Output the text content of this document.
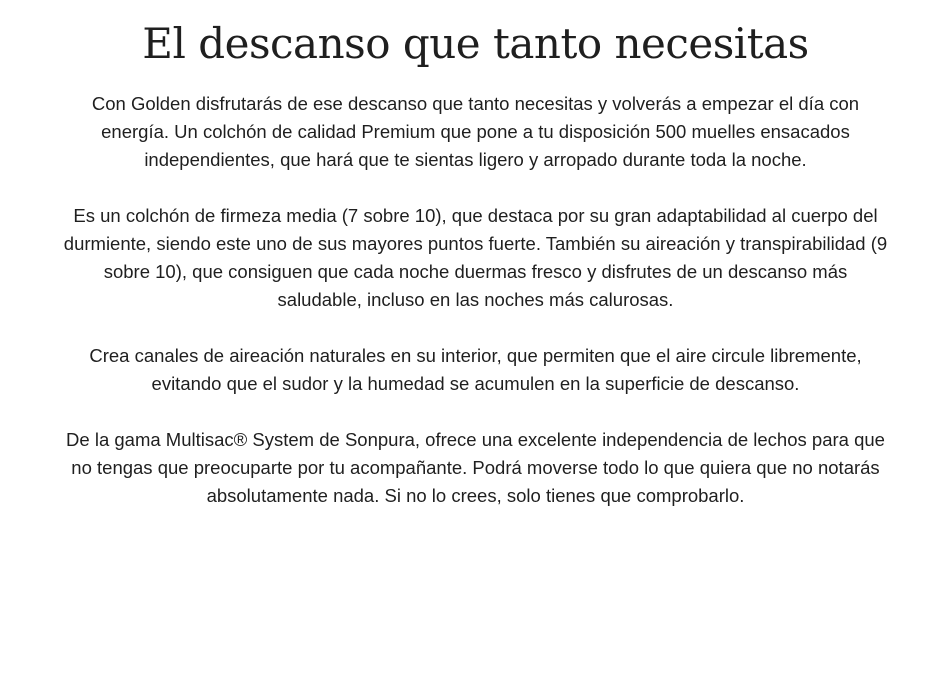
El descanso que tanto necesitas

Con Golden disfrutarás de ese descanso que tanto necesitas y volverás a empezar el día con energía. Un colchón de calidad Premium que pone a tu disposición 500 muelles ensacados independientes, que hará que te sientas ligero y arropado durante toda la noche.

Es un colchón de firmeza media (7 sobre 10), que destaca por su gran adaptabilidad al cuerpo del durmiente, siendo este uno de sus mayores puntos fuerte. También su aireación y transpirabilidad (9 sobre 10), que consiguen que cada noche duermas fresco y disfrutes de un descanso más saludable, incluso en las noches más calurosas.

Crea canales de aireación naturales en su interior, que permiten que el aire circule libremente, evitando que el sudor y la humedad se acumulen en la superficie de descanso.

De la gama Multisac® System de Sonpura, ofrece una excelente independencia de lechos para que no tengas que preocuparte por tu acompañante. Podrá moverse todo lo que quiera que no notarás absolutamente nada. Si no lo crees, solo tienes que comprobarlo.
